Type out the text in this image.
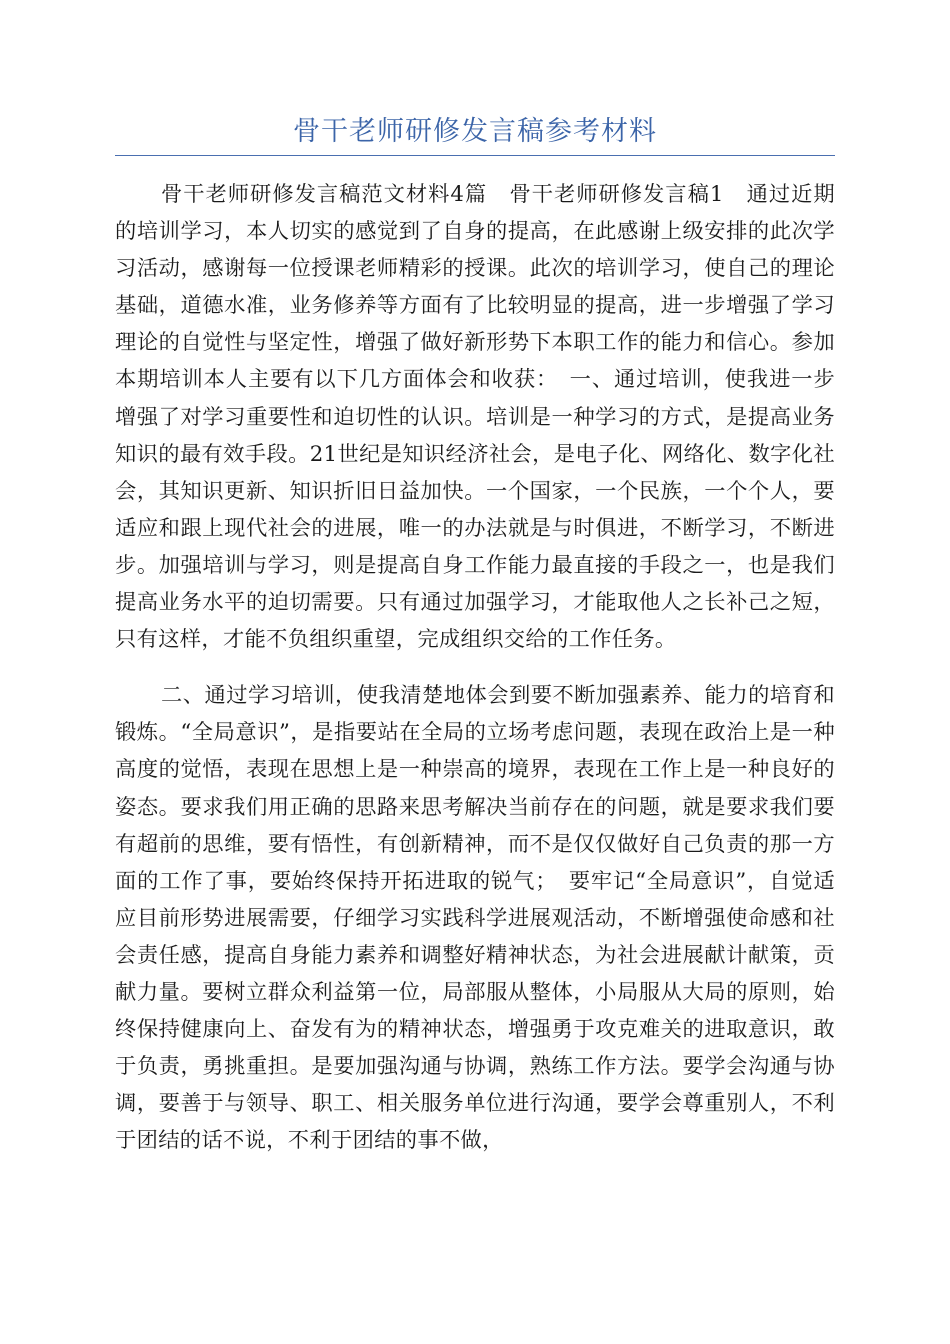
骨干老师研修发言稿参考材料

骨干老师研修发言稿范文材料4篇　骨干老师研修发言稿1　通过近期的培训学习，本人切实的感觉到了自身的提高，在此感谢上级安排的此次学习活动，感谢每一位授课老师精彩的授课。此次的培训学习，使自己的理论基础，道德水准，业务修养等方面有了比较明显的提高，进一步增强了学习理论的自觉性与坚定性，增强了做好新形势下本职工作的能力和信心。参加本期培训本人主要有以下几方面体会和收获：　一、通过培训，使我进一步增强了对学习重要性和迫切性的认识。培训是一种学习的方式，是提高业务知识的最有效手段。21世纪是知识经济社会，是电子化、网络化、数字化社会，其知识更新、知识折旧日益加快。一个国家，一个民族，一个个人，要适应和跟上现代社会的进展，唯一的办法就是与时俱进，不断学习，不断进步。加强培训与学习，则是提高自身工作能力最直接的手段之一，也是我们提高业务水平的迫切需要。只有通过加强学习，才能取他人之长补己之短，只有这样，才能不负组织重望，完成组织交给的工作任务。

二、通过学习培训，使我清楚地体会到要不断加强素养、能力的培育和锻炼。“全局意识”，是指要站在全局的立场考虑问题，表现在政治上是一种高度的觉悟，表现在思想上是一种崇高的境界，表现在工作上是一种良好的姿态。要求我们用正确的思路来思考解决当前存在的问题，就是要求我们要有超前的思维，要有悟性，有创新精神，而不是仅仅做好自己负责的那一方面的工作了事，要始终保持开拓进取的锐气；　要牢记“全局意识”，自觉适应目前形势进展需要，仔细学习实践科学进展观活动，不断增强使命感和社会责任感，提高自身能力素养和调整好精神状态，为社会进展献计献策，贡献力量。要树立群众利益第一位，局部服从整体，小局服从大局的原则，始终保持健康向上、奋发有为的精神状态，增强勇于攻克难关的进取意识，敢于负责，勇挑重担。是要加强沟通与协调，熟练工作方法。要学会沟通与协调，要善于与领导、职工、相关服务单位进行沟通，要学会尊重别人，不利于团结的话不说，不利于团结的事不做，
